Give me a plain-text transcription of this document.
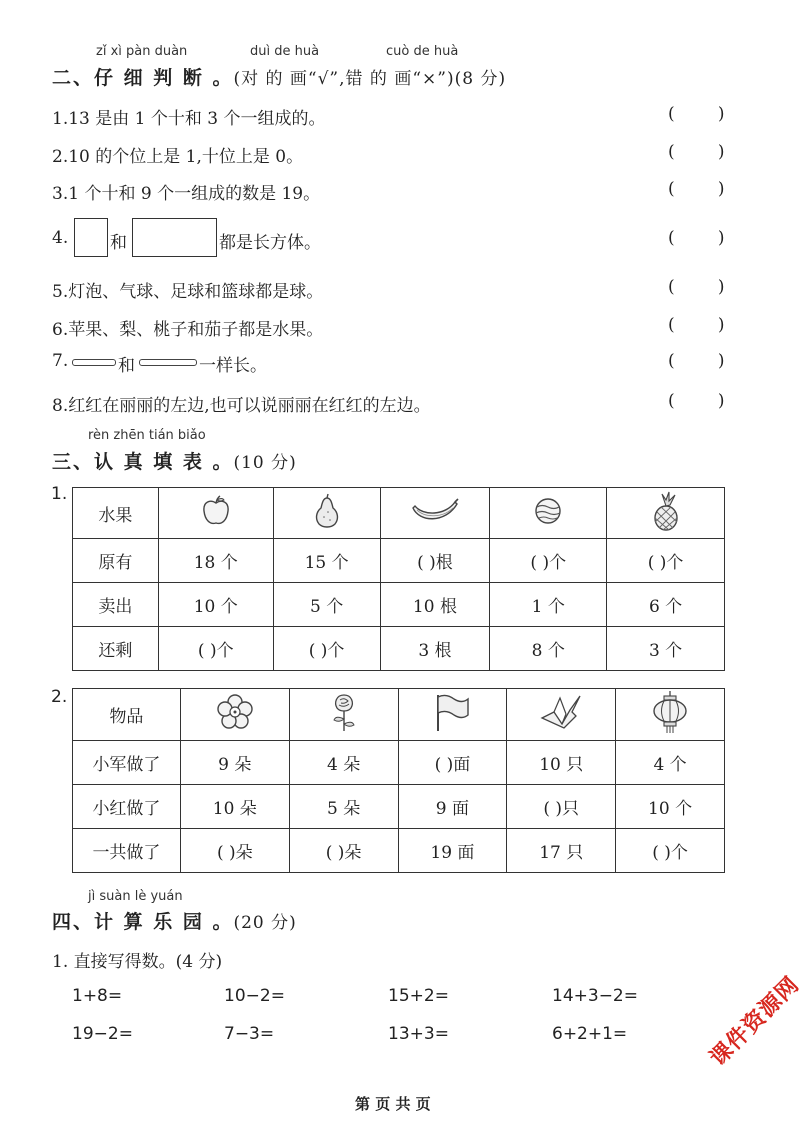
zǐ xì pàn duàn	duì de huà	cuò de huà
二、仔 细 判 断 。(对 的 画“√”,错 的 画“×”)(8 分)
1.13 是由 1 个十和 3 个一组成的。	(        )
2.10 的个位上是 1,十位上是 0。	(        )
3.1 个十和 9 个一组成的数是 19。	(        )
4. 和	都是长方体。	(        )
5.灯泡、气球、足球和篮球都是球。	(        )
6.苹果、梨、桃子和茄子都是水果。	(        )
7.	和	一样长。	(        )
8.红红在丽丽的左边,也可以说丽丽在红红的左边。	(        )
rèn zhēn tián biǎo
三、认 真 填 表 。(10 分)
1.
水果					
原有	18 个	15 个	( )根	( )个	( )个
卖出	10 个	5 个	10 根	1 个	6 个
还剩	( )个	( )个	3 根	8 个	3 个
2.
物品					
小军做了	9 朵	4 朵	( )面	10 只	4 个
小红做了	10 朵	5 朵	9 面	( )只	10 个
一共做了	( )朵	( )朵	19 面	17 只	( )个
jì suàn lè yuán
四、计 算 乐 园 。(20 分)
1. 直接写得数。(4 分)
1+8=	10−2=	15+2=	14+3−2=
19−2=	7−3=	13+3=	6+2+1=	课件资源网
第 页 共 页
